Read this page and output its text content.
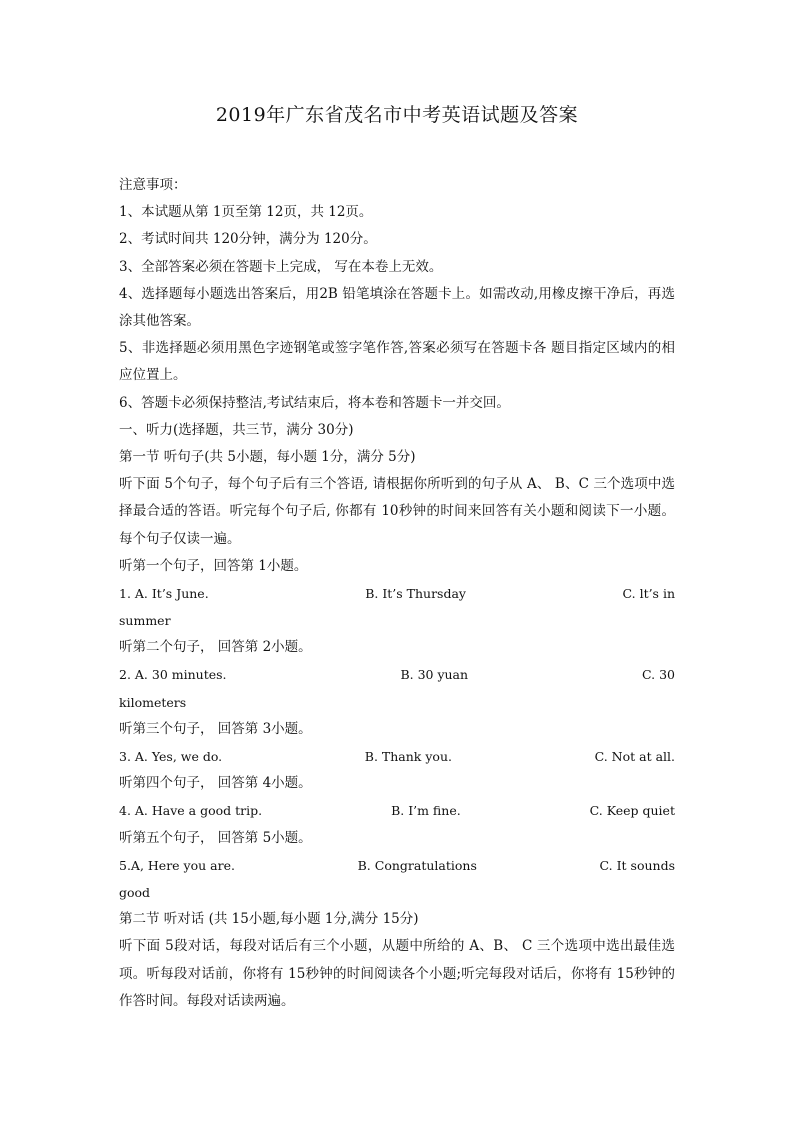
2019年广东省茂名市中考英语试题及答案
注意事项：
1、本试题从第 1页至第 12页，共 12页。
2、考试时间共 120分钟，满分为 120分。
3、全部答案必须在答题卡上完成， 写在本卷上无效。
4、选择题每小题选出答案后，用2B 铅笔填涂在答题卡上。如需改动,用橡皮擦干净后，再选涂其他答案。
5、非选择题必须用黑色字迹钢笔或签字笔作答,答案必须写在答题卡各 题目指定区域内的相应位置上。
6、答题卡必须保持整洁,考试结束后，将本卷和答题卡一并交回。
一、听力(选择题，共三节，满分 30分)
第一节 听句子(共 5小题，每小题 1分，满分 5分)
听下面 5个句子，每个句子后有三个答语, 请根据你所听到的句子从 A、 B、C 三个选项中选择最合适的答语。听完每个句子后, 你都有 10秒钟的时间来回答有关小题和阅读下一小题。 每个句子仅读一遍。
听第一个句子，回答第 1小题。
1. A. It’s June.	B. It’s Thursday	C. lt’s in
summer
听第二个句子， 回答第 2小题。
2. A. 30 minutes.	B. 30 yuan	C. 30
kilometers
听第三个句子， 回答第 3小题。
3. A. Yes, we do.	B. Thank you.	C. Not at all.
听第四个句子， 回答第 4小题。
4. A. Have a good trip.	B. I’m fine.	C. Keep quiet
听第五个句子， 回答第 5小题。
5.A, Here you are.	B. Congratulations	C. It sounds
good
第二节 听对话 (共 15小题,每小题 1分,满分 15分)
听下面 5段对话，每段对话后有三个小题，从题中所给的 A、B、 C 三个选项中选出最佳选项。听每段对话前，你将有 15秒钟的时间阅读各个小题;听完每段对话后，你将有 15秒钟的作答时间。每段对话读两遍。
